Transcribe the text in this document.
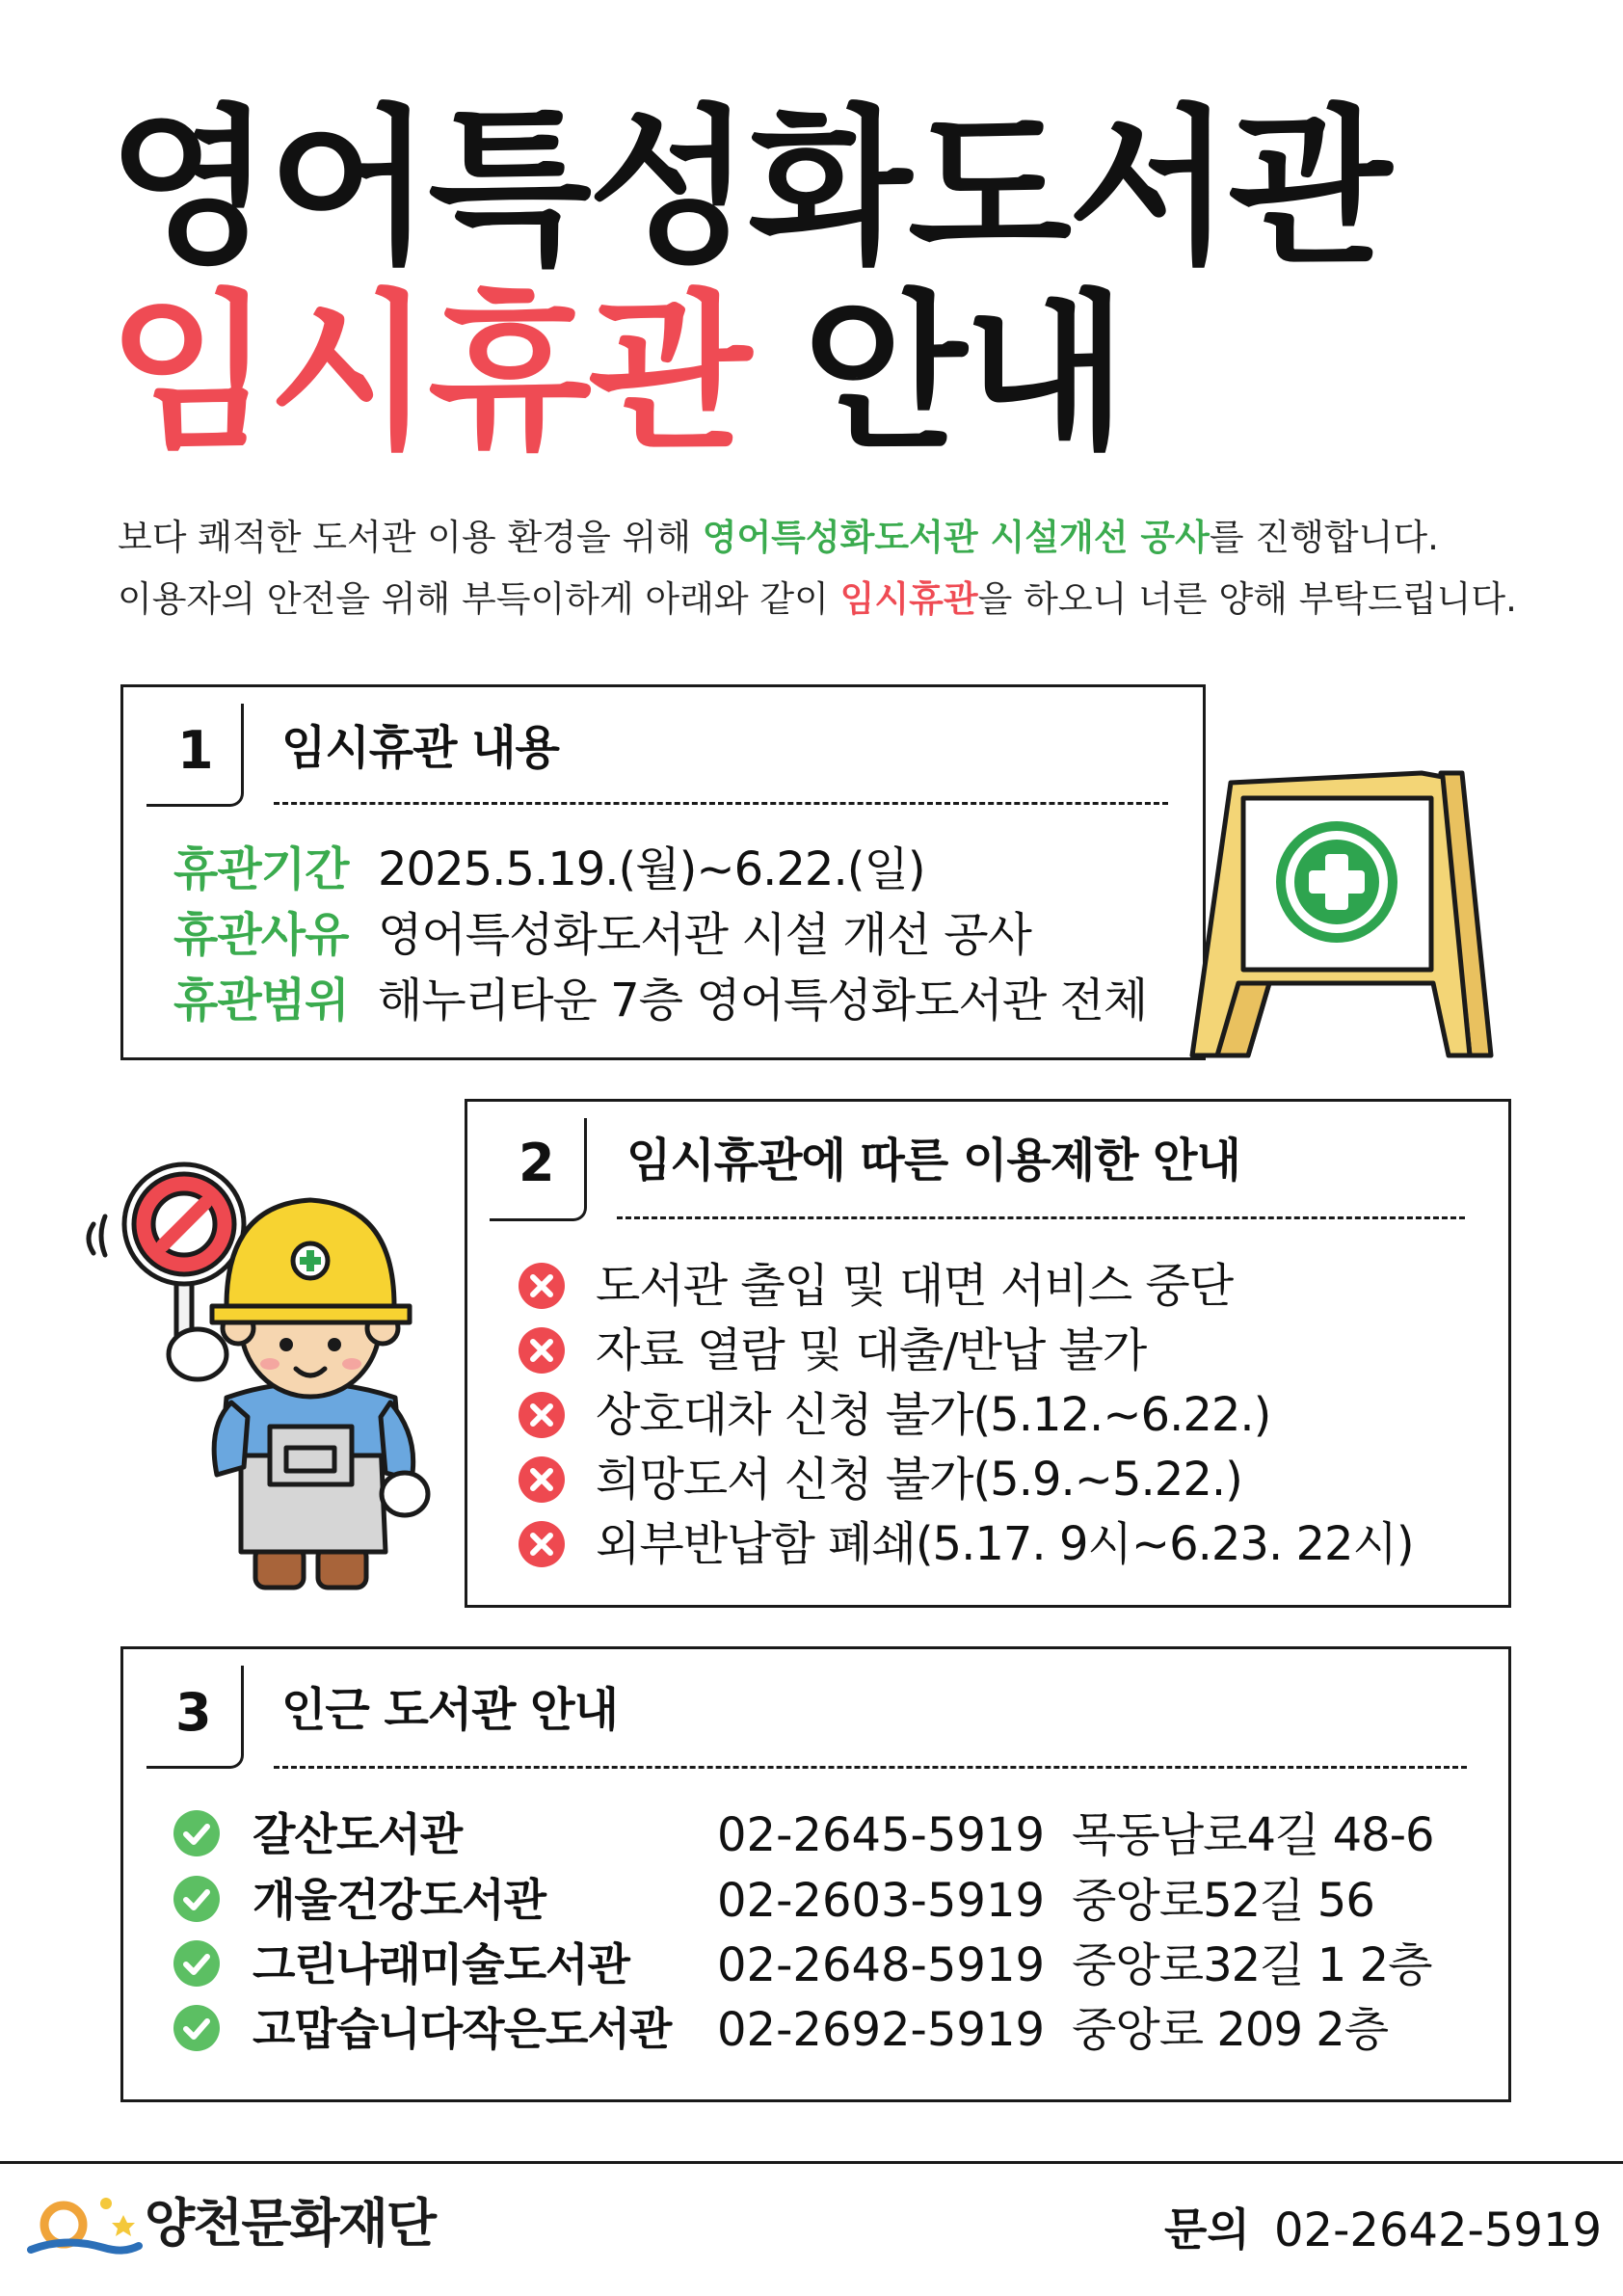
영어특성화도서관
임시휴관 안내
보다 쾌적한 도서관 이용 환경을 위해 영어특성화도서관 시설개선 공사를 진행합니다.
이용자의 안전을 위해 부득이하게 아래와 같이 임시휴관을 하오니 너른 양해 부탁드립니다.
1 임시휴관 내용
휴관기간 2025.5.19.(월)~6.22.(일)
휴관사유 영어특성화도서관 시설 개선 공사
휴관범위 해누리타운 7층 영어특성화도서관 전체
2 임시휴관에 따른 이용제한 안내
도서관 출입 및 대면 서비스 중단
자료 열람 및 대출/반납 불가
상호대차 신청 불가(5.12.~6.22.)
희망도서 신청 불가(5.9.~5.22.)
외부반납함 폐쇄(5.17. 9시~6.23. 22시)
3 인근 도서관 안내
갈산도서관	02-2645-5919 목동남로4길 48-6
개울건강도서관	02-2603-5919 중앙로52길 56
그린나래미술도서관 02-2648-5919 중앙로32길 1 2층
고맙습니다작은도서관 02-2692-5919 중앙로 209 2층
양천문화재단	문의 02-2642-5919
